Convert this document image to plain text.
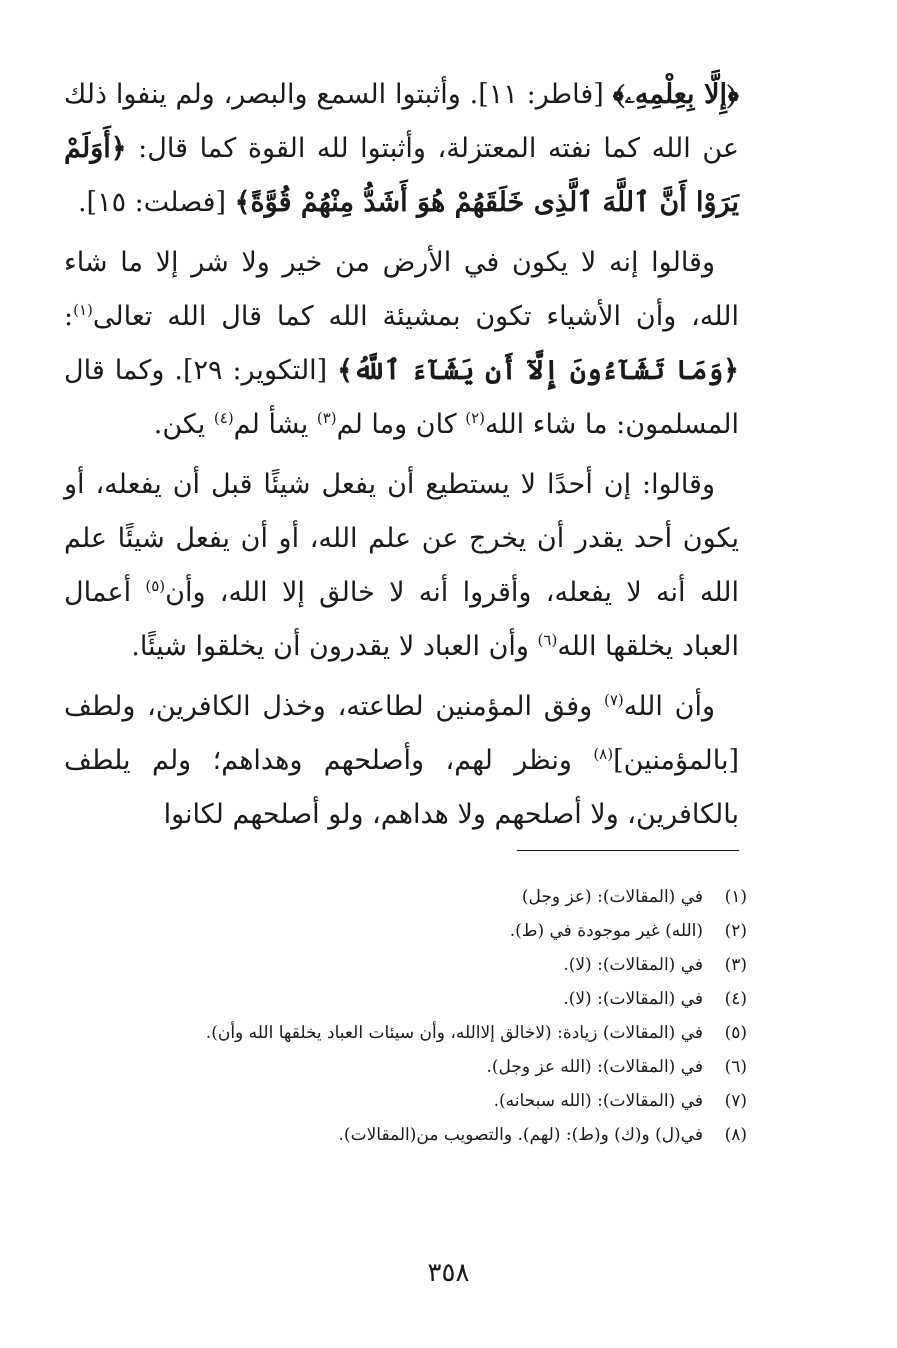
﴿إِلَّا بِعِلْمِهِۦ﴾ [فاطر: ١١]. وأثبتوا السمع والبصر، ولم ينفوا ذلك عن الله كما نفته المعتزلة، وأثبتوا لله القوة كما قال: ﴿أَوَلَمْ يَرَوْا أَنَّ ٱللَّهَ ٱلَّذِى خَلَقَهُمْ هُوَ أَشَدُّ مِنْهُمْ قُوَّةً﴾ [فصلت: ١٥].

وقالوا إنه لا يكون في الأرض من خير ولا شر إلا ما شاء الله، وأن الأشياء تكون بمشيئة الله كما قال الله تعالى$^{(١)}$: ﴿وَمَا تَشَآءُونَ إِلَّآ أَن يَشَآءَ ٱللَّهُ﴾ [التكوير: ٢٩]. وكما قال المسلمون: ما شاء الله$^{(٢)}$ كان وما لم$^{(٣)}$ يشأ لم$^{(٤)}$ يكن.

وقالوا: إن أحدًا لا يستطيع أن يفعل شيئًا قبل أن يفعله، أو يكون أحد يقدر أن يخرج عن علم الله، أو أن يفعل شيئًا علم الله أنه لا يفعله، وأقروا أنه لا خالق إلا الله، وأن$^{(٥)}$ أعمال العباد يخلقها الله$^{(٦)}$ وأن العباد لا يقدرون أن يخلقوا شيئًا.

وأن الله$^{(٧)}$ وفق المؤمنين لطاعته، وخذل الكافرين، ولطف [بالمؤمنين]$^{(٨)}$ ونظر لهم، وأصلحهم وهداهم؛ ولم يلطف بالكافرين، ولا أصلحهم ولا هداهم، ولو أصلحهم لكانوا

(١)
في (المقالات): (عز وجل)
(٢)
(الله) غير موجودة في (ط).
(٣)
في (المقالات): (لا).
(٤)
في (المقالات): (لا).
(٥)
في (المقالات) زيادة: (لاخالق إلاالله، وأن سيئات العباد يخلقها الله وأن).
(٦)
في (المقالات): (الله عز وجل).
(٧)
في (المقالات): (الله سبحانه).
(٨)
في(ل) و(ك) و(ط): (لهم). والتصويب من(المقالات).
٣٥٨
